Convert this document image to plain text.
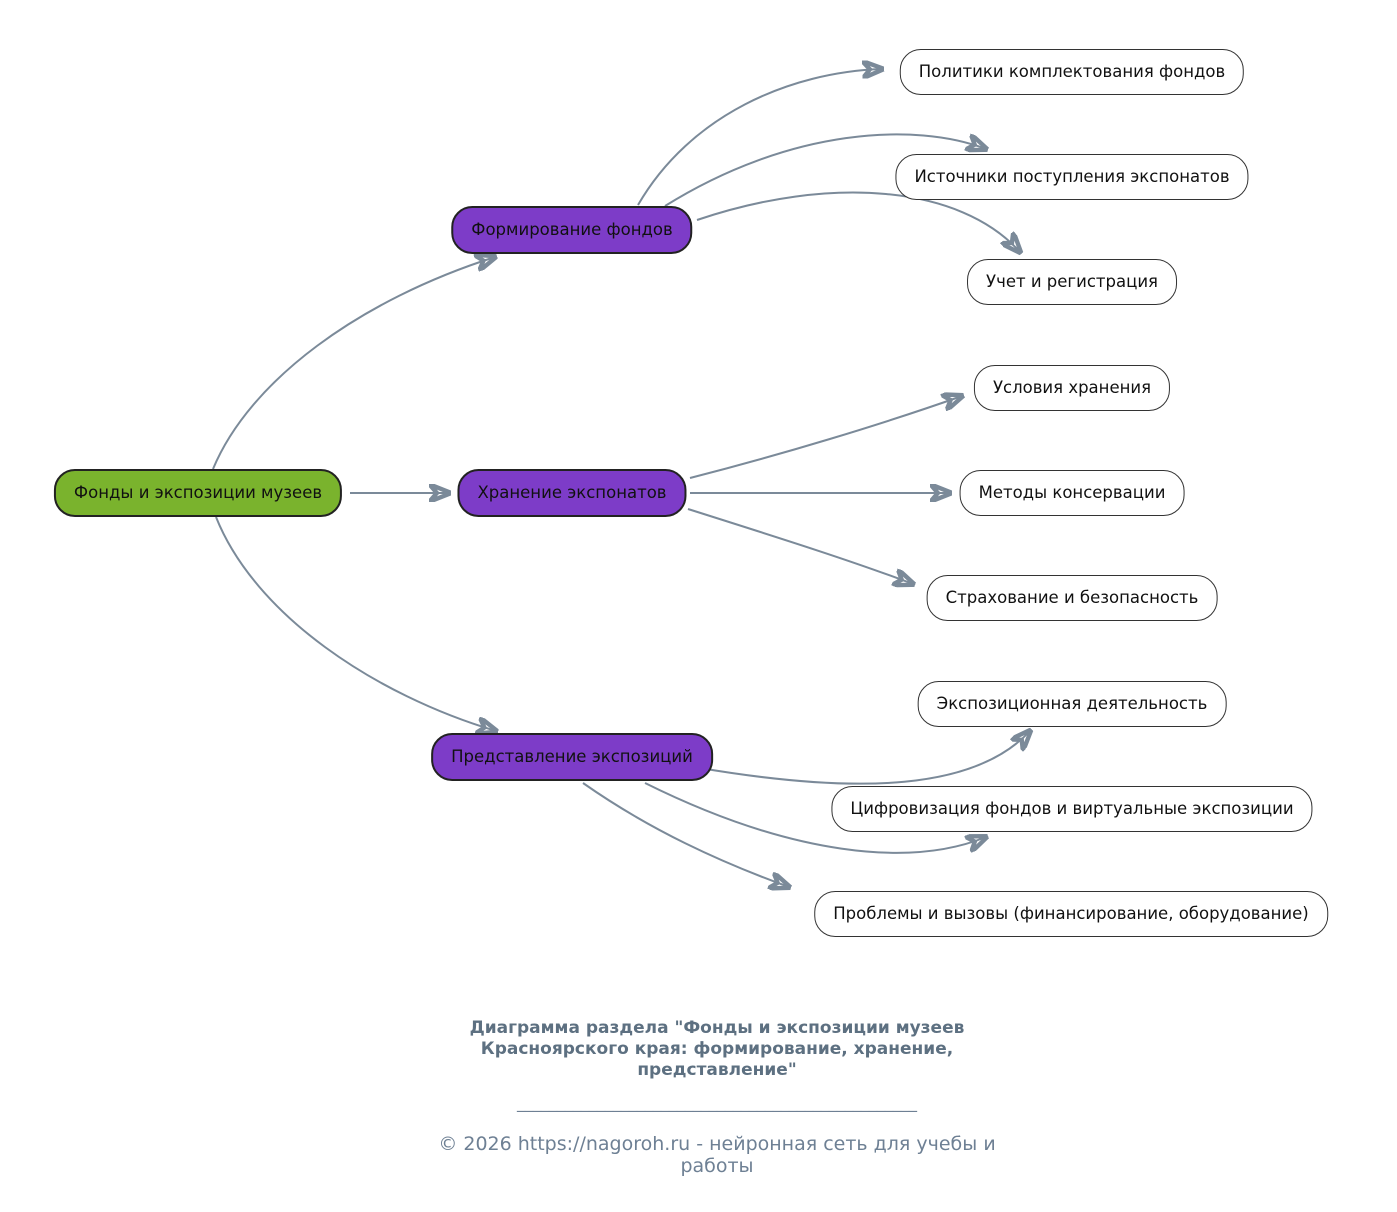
Фонды и экспозиции музеев
Формирование фондов
Хранение экспонатов
Представление экспозиций
Политики комплектования фондов
Источники поступления экспонатов
Учет и регистрация
Условия хранения
Методы консервации
Страхование и безопасность
Экспозиционная деятельность
Цифровизация фондов и виртуальные экспозиции
Проблемы и вызовы (финансирование, оборудование)
Диаграмма раздела "Фонды и экспозиции музеев
Красноярского края: формирование, хранение,
представление"
__________________________________________________
© 2026 https://nagoroh.ru - нейронная сеть для учебы и работы
